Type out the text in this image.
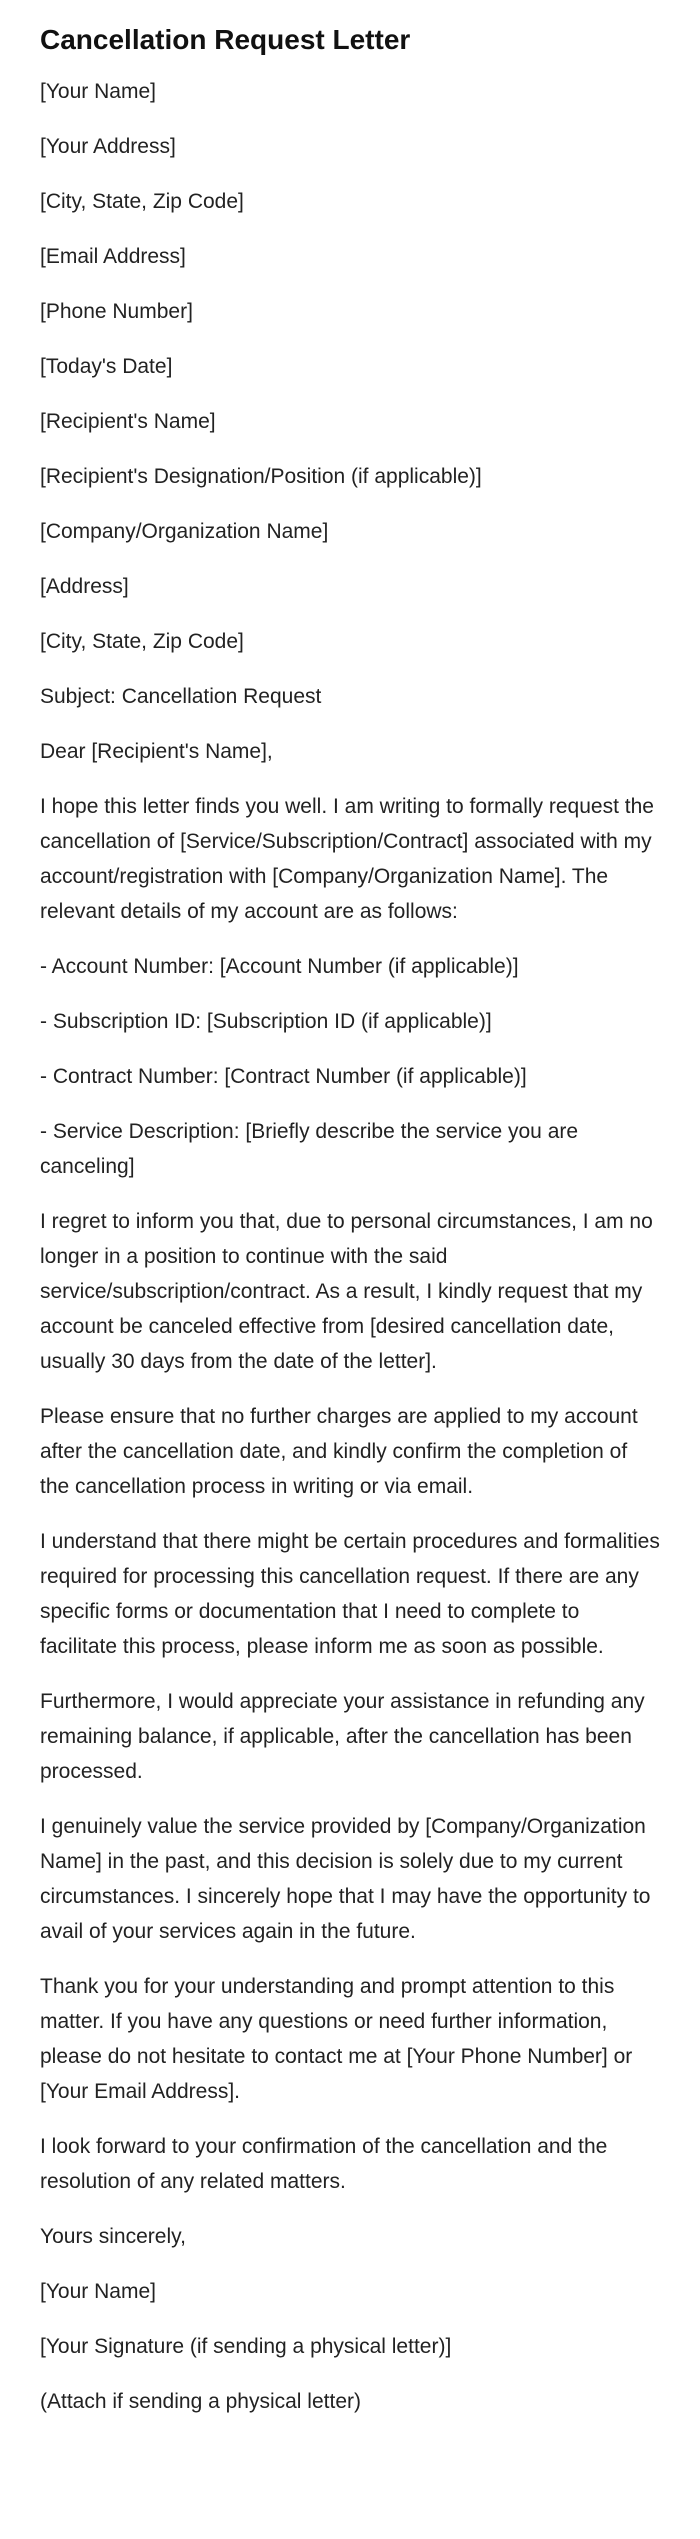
Cancellation Request Letter
[Your Name]
[Your Address]
[City, State, Zip Code]
[Email Address]
[Phone Number]
[Today's Date]
[Recipient's Name]
[Recipient's Designation/Position (if applicable)]
[Company/Organization Name]
[Address]
[City, State, Zip Code]
Subject: Cancellation Request
Dear [Recipient's Name],
I hope this letter finds you well. I am writing to formally request the cancellation of [Service/Subscription/Contract] associated with my account/registration with [Company/Organization Name]. The relevant details of my account are as follows:
- Account Number: [Account Number (if applicable)]
- Subscription ID: [Subscription ID (if applicable)]
- Contract Number: [Contract Number (if applicable)]
- Service Description: [Briefly describe the service you are canceling]
I regret to inform you that, due to personal circumstances, I am no longer in a position to continue with the said service/subscription/contract. As a result, I kindly request that my account be canceled effective from [desired cancellation date, usually 30 days from the date of the letter].
Please ensure that no further charges are applied to my account after the cancellation date, and kindly confirm the completion of the cancellation process in writing or via email.
I understand that there might be certain procedures and formalities required for processing this cancellation request. If there are any specific forms or documentation that I need to complete to facilitate this process, please inform me as soon as possible.
Furthermore, I would appreciate your assistance in refunding any remaining balance, if applicable, after the cancellation has been processed.
I genuinely value the service provided by [Company/Organization Name] in the past, and this decision is solely due to my current circumstances. I sincerely hope that I may have the opportunity to avail of your services again in the future.
Thank you for your understanding and prompt attention to this matter. If you have any questions or need further information, please do not hesitate to contact me at [Your Phone Number] or [Your Email Address].
I look forward to your confirmation of the cancellation and the resolution of any related matters.
Yours sincerely,
[Your Name]
[Your Signature (if sending a physical letter)]
(Attach if sending a physical letter)
